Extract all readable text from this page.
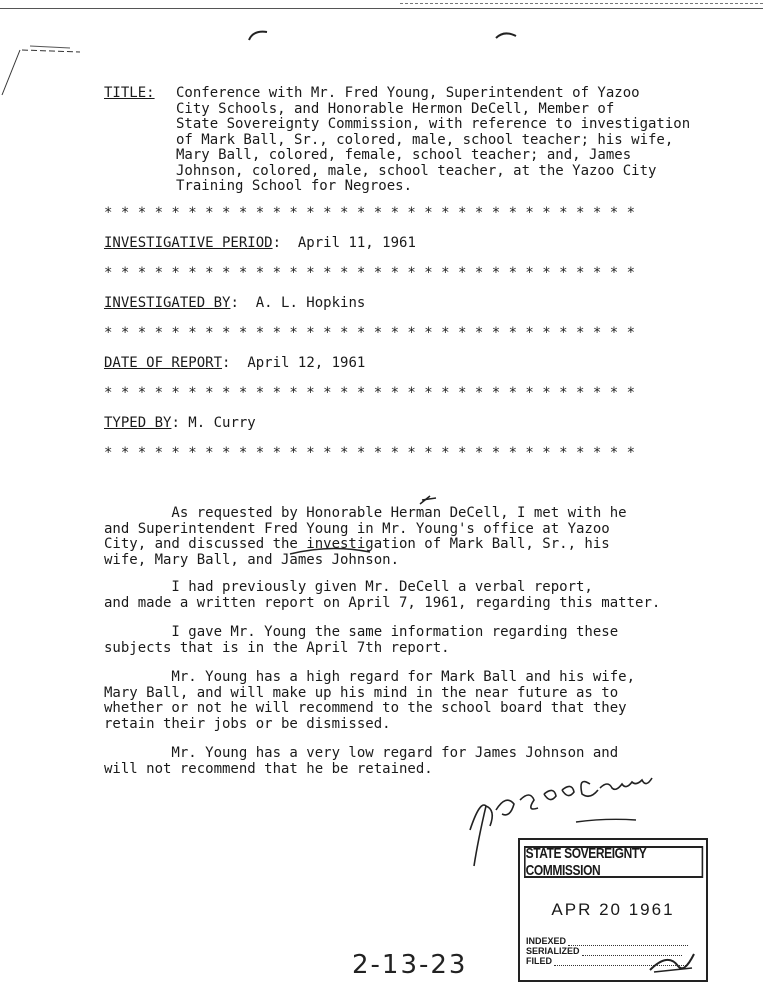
TITLE: Conference with Mr. Fred Young, Superintendent of Yazoo
City Schools, and Honorable Hermon DeCell, Member of
State Sovereignty Commission, with reference to investigation
of Mark Ball, Sr., colored, male, school teacher; his wife,
Mary Ball, colored, female, school teacher; and, James
Johnson, colored, male, school teacher, at the Yazoo City
Training School for Negroes.
* * * * * * * * * * * * * * * * * * * * * * * * * * * * * * * *
INVESTIGATIVE PERIOD:  April 11, 1961
* * * * * * * * * * * * * * * * * * * * * * * * * * * * * * * *
INVESTIGATED BY:  A. L. Hopkins
* * * * * * * * * * * * * * * * * * * * * * * * * * * * * * * *
DATE OF REPORT:  April 12, 1961
* * * * * * * * * * * * * * * * * * * * * * * * * * * * * * * *
TYPED BY: M. Curry
* * * * * * * * * * * * * * * * * * * * * * * * * * * * * * * *
As requested by Honorable Herman DeCell, I met with he
and Superintendent Fred Young in Mr. Young's office at Yazoo
City, and discussed the investigation of Mark Ball, Sr., his
wife, Mary Ball, and James Johnson.
I had previously given Mr. DeCell a verbal report,
and made a written report on April 7, 1961, regarding this matter.
I gave Mr. Young the same information regarding these
subjects that is in the April 7th report.
Mr. Young has a high regard for Mark Ball and his wife,
Mary Ball, and will make up his mind in the near future as to
whether or not he will recommend to the school board that they
retain their jobs or be dismissed.
Mr. Young has a very low regard for James Johnson and
will not recommend that he be retained.
STATE SOVEREIGNTY COMMISSION
APR 20 1961
INDEXED
SERIALIZED
FILED
2-13-23
